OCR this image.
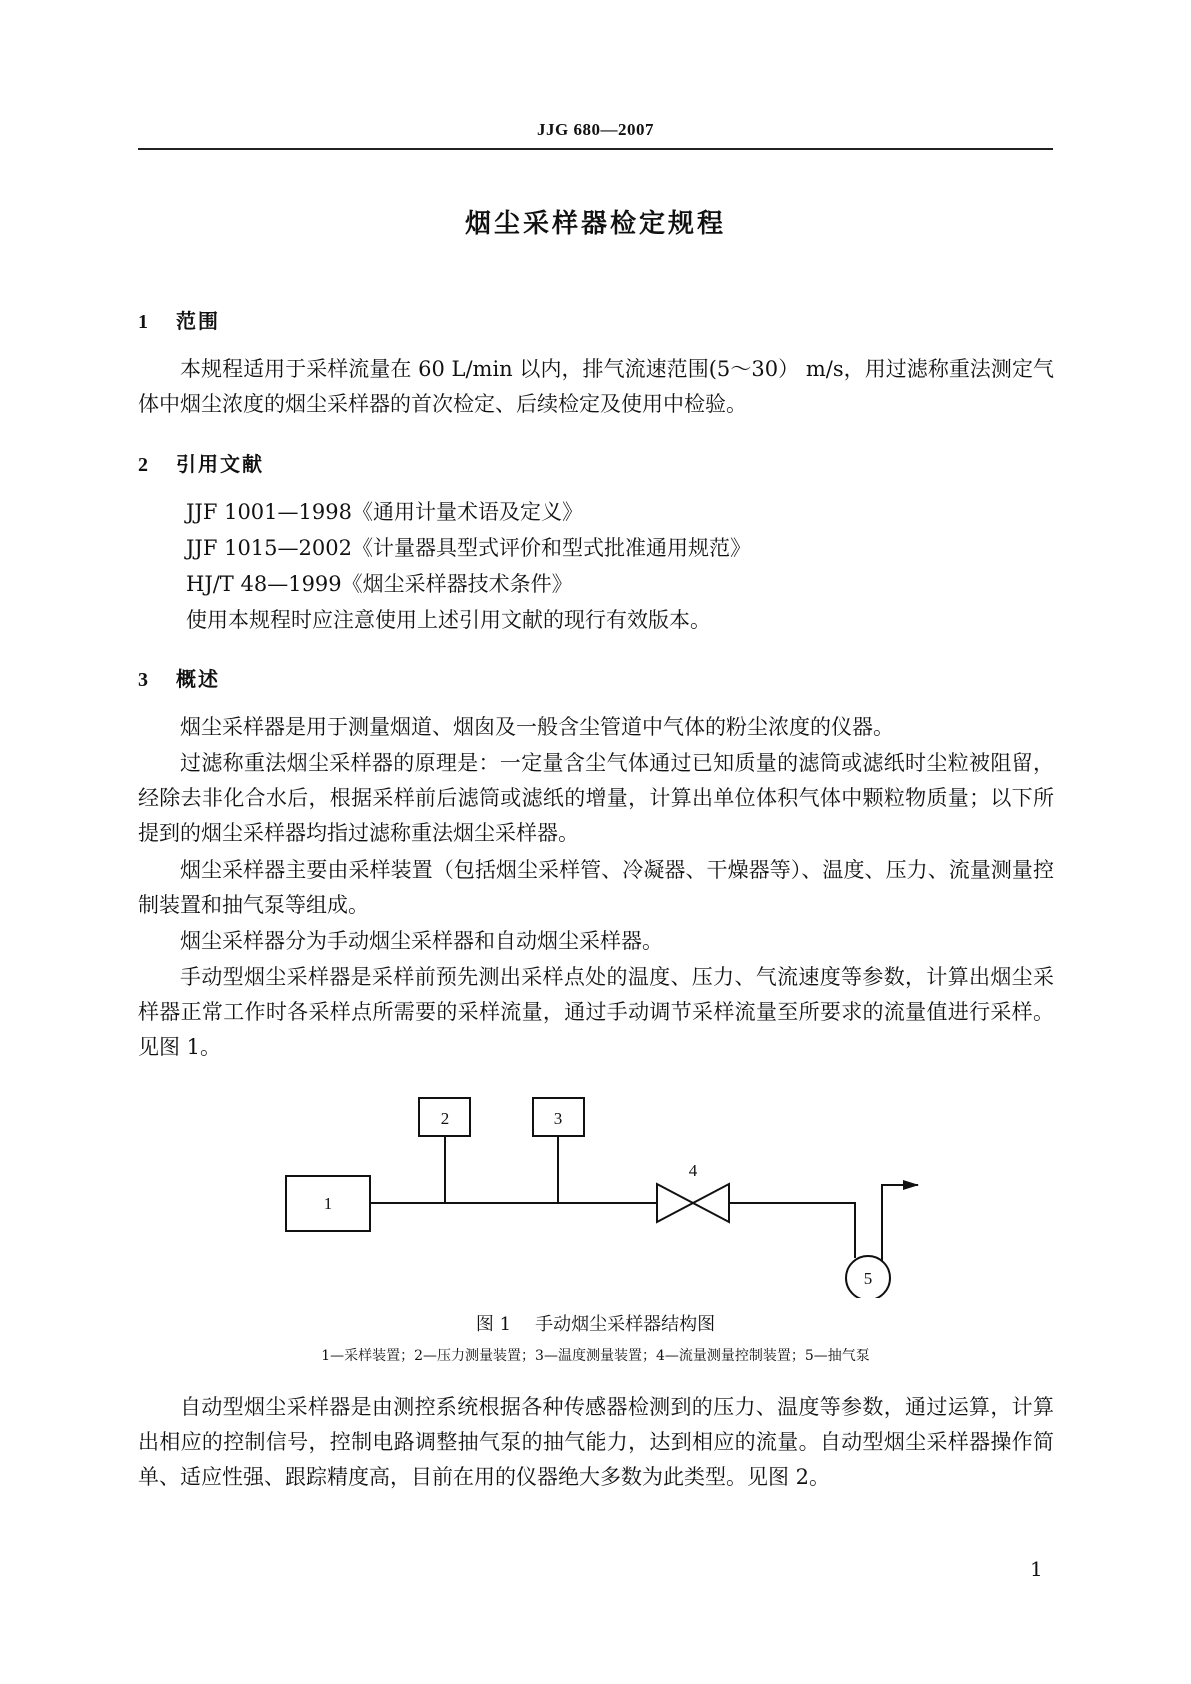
JJG 680—2007
烟尘采样器检定规程
1 范围

本规程适用于采样流量在 60 L/min 以内，排气流速范围(5～30） m/s，用过滤称重法测定气体中烟尘浓度的烟尘采样器的首次检定、后续检定及使用中检验。

2 引用文献
JJF 1001—1998《通用计量术语及定义》
JJF 1015—2002《计量器具型式评价和型式批准通用规范》
HJ/T 48—1999《烟尘采样器技术条件》
使用本规程时应注意使用上述引用文献的现行有效版本。
3 概述

烟尘采样器是用于测量烟道、烟囱及一般含尘管道中气体的粉尘浓度的仪器。

过滤称重法烟尘采样器的原理是：一定量含尘气体通过已知质量的滤筒或滤纸时尘粒被阻留，经除去非化合水后，根据采样前后滤筒或滤纸的增量，计算出单位体积气体中颗粒物质量；以下所提到的烟尘采样器均指过滤称重法烟尘采样器。

烟尘采样器主要由采样装置（包括烟尘采样管、冷凝器、干燥器等）、温度、压力、流量测量控制装置和抽气泵等组成。

烟尘采样器分为手动烟尘采样器和自动烟尘采样器。

手动型烟尘采样器是采样前预先测出采样点处的温度、压力、气流速度等参数，计算出烟尘采样器正常工作时各采样点所需要的采样流量，通过手动调节采样流量至所要求的流量值进行采样。见图 1。

1
2	3
4
5
图 1 手动烟尘采样器结构图
1—采样装置；2—压力测量装置；3—温度测量装置；4—流量测量控制装置；5—抽气泵

自动型烟尘采样器是由测控系统根据各种传感器检测到的压力、温度等参数，通过运算，计算出相应的控制信号，控制电路调整抽气泵的抽气能力，达到相应的流量。自动型烟尘采样器操作简单、适应性强、跟踪精度高，目前在用的仪器绝大多数为此类型。见图 2。

1
